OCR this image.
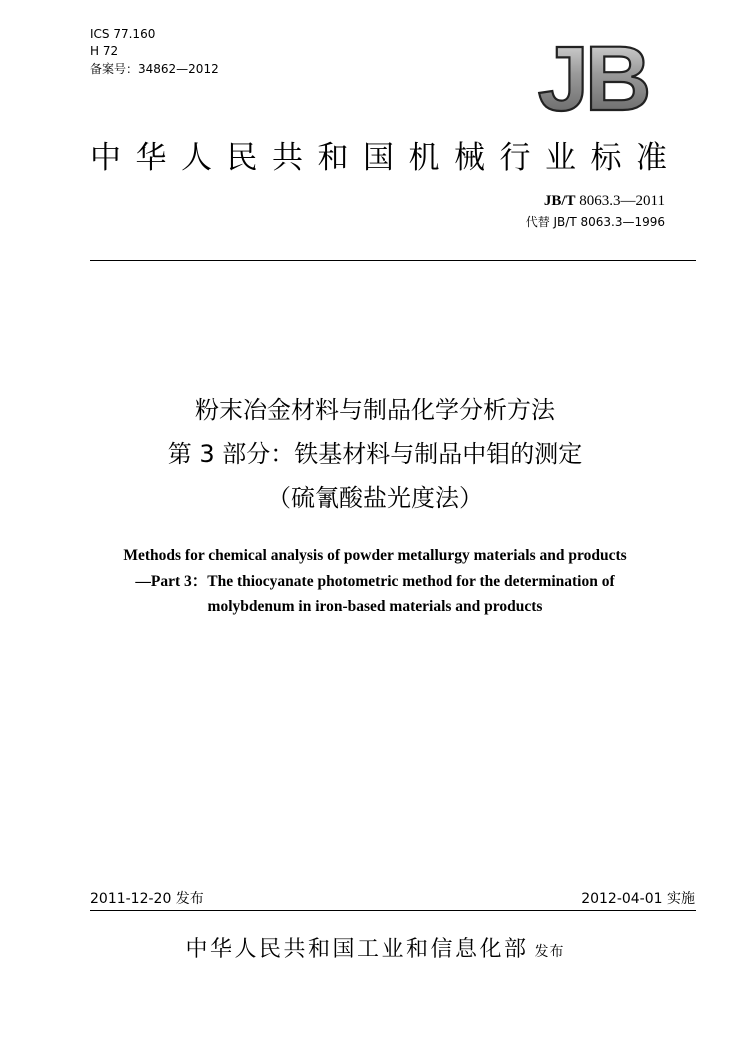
ICS 77.160
H 72
备案号：34862—2012	JB
中华人民共和国机械行业标准
JB/T 8063.3—2011
代替 JB/T 8063.3—1996
粉末冶金材料与制品化学分析方法
第 3 部分：铁基材料与制品中钼的测定
（硫氰酸盐光度法）
Methods for chemical analysis of powder metallurgy materials and products
—Part 3：The thiocyanate photometric method for the determination of
molybdenum in iron-based materials and products
2011-12-20 发布	2012-04-01 实施
中华人民共和国工业和信息化部 发布
